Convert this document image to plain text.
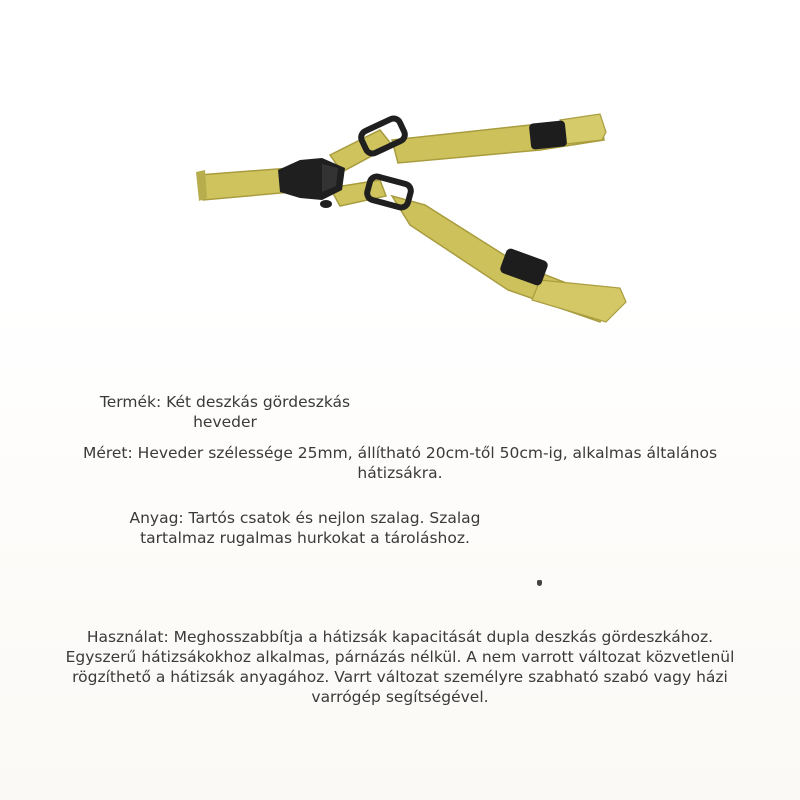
Termék: Két deszkás gördeszkás
heveder
Méret: Heveder szélessége 25mm, állítható 20cm-től 50cm-ig, alkalmas általános
hátizsákra.
Anyag: Tartós csatok és nejlon szalag. Szalag
tartalmaz rugalmas hurkokat a tároláshoz.
Használat: Meghosszabbítja a hátizsák kapacitását dupla deszkás gördeszkához.
Egyszerű hátizsákokhoz alkalmas, párnázás nélkül. A nem varrott változat közvetlenül
rögzíthető a hátizsák anyagához. Varrt változat személyre szabható szabó vagy házi
varrógép segítségével.
